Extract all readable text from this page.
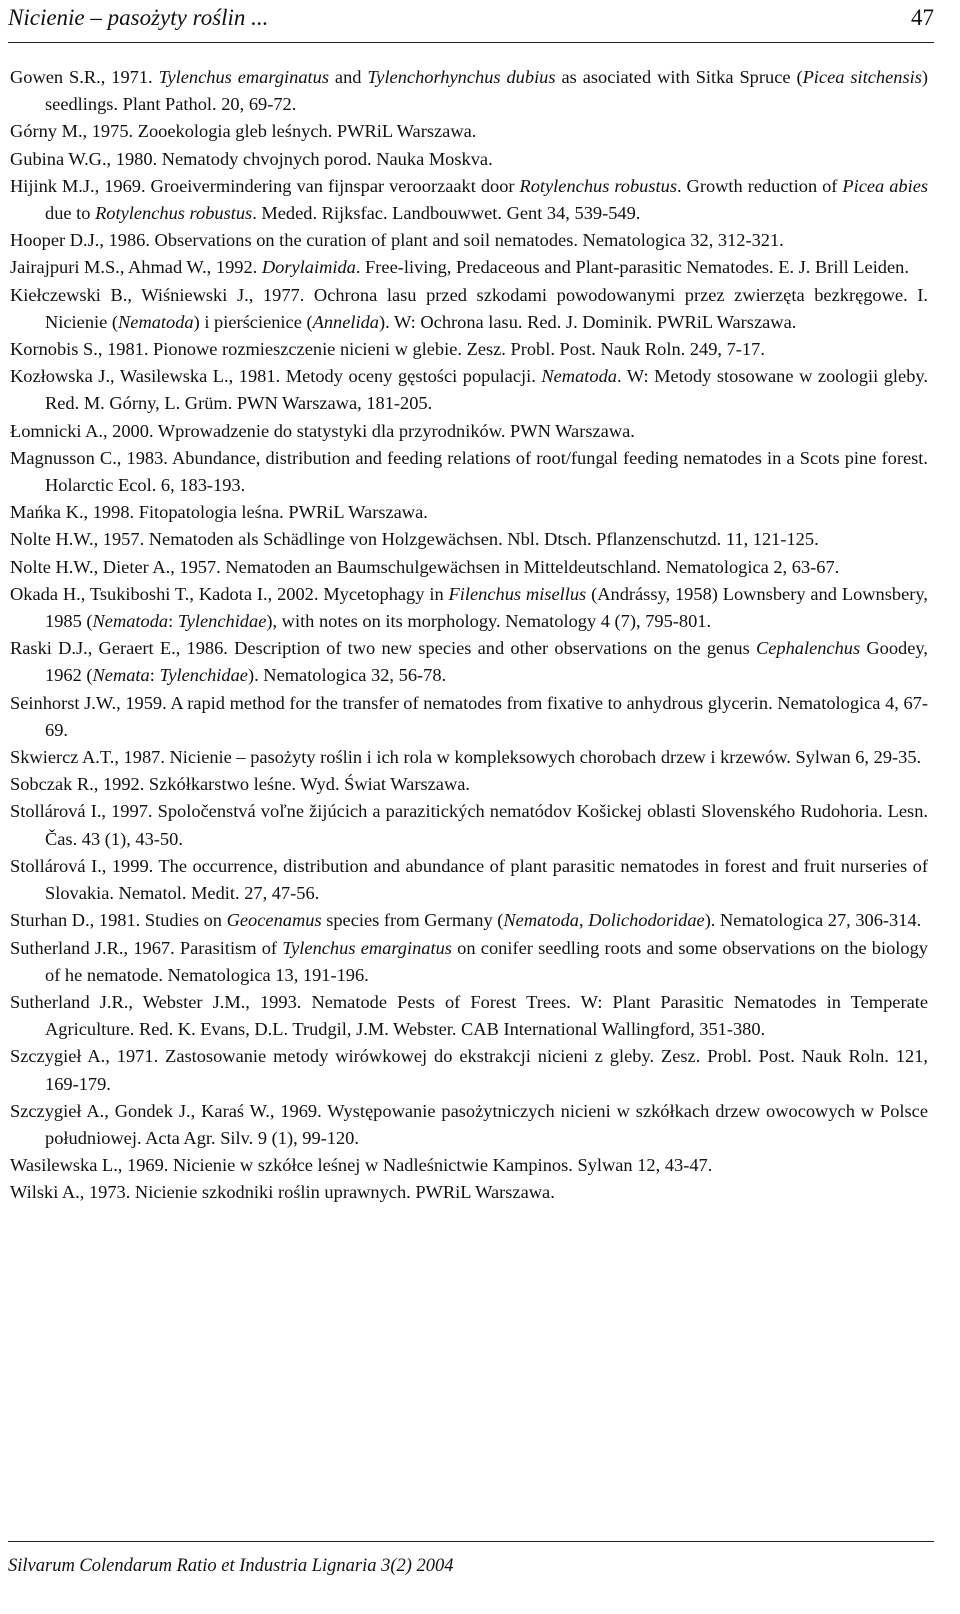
Nicienie – pasożyty roślin ...	47

Gowen S.R., 1971. Tylenchus emarginatus and Tylenchorhynchus dubius as asociated with Sitka Spruce (Picea sitchensis) seedlings. Plant Pathol. 20, 69-72.

Górny M., 1975. Zooekologia gleb leśnych. PWRiL Warszawa.

Gubina W.G., 1980. Nematody chvojnych porod. Nauka Moskva.

Hijink M.J., 1969. Groeivermindering van fijnspar veroorzaakt door Rotylenchus robustus. Growth reduction of Picea abies due to Rotylenchus robustus. Meded. Rijksfac. Landbouwwet. Gent 34, 539-549.

Hooper D.J., 1986. Observations on the curation of plant and soil nematodes. Nematologica 32, 312-321.

Jairajpuri M.S., Ahmad W., 1992. Dorylaimida. Free-living, Predaceous and Plant-parasitic Nematodes. E. J. Brill Leiden.

Kiełczewski B., Wiśniewski J., 1977. Ochrona lasu przed szkodami powodowanymi przez zwierzęta bezkręgowe. I. Nicienie (Nematoda) i pierścienice (Annelida). W: Ochrona lasu. Red. J. Dominik. PWRiL Warszawa.

Kornobis S., 1981. Pionowe rozmieszczenie nicieni w glebie. Zesz. Probl. Post. Nauk Roln. 249, 7-17.

Kozłowska J., Wasilewska L., 1981. Metody oceny gęstości populacji. Nematoda. W: Metody stosowane w zoologii gleby. Red. M. Górny, L. Grüm. PWN Warszawa, 181-205.

Łomnicki A., 2000. Wprowadzenie do statystyki dla przyrodników. PWN Warszawa.

Magnusson C., 1983. Abundance, distribution and feeding relations of root/fungal feeding nematodes in a Scots pine forest. Holarctic Ecol. 6, 183-193.

Mańka K., 1998. Fitopatologia leśna. PWRiL Warszawa.

Nolte H.W., 1957. Nematoden als Schädlinge von Holzgewächsen. Nbl. Dtsch. Pflanzenschutzd. 11, 121-125.

Nolte H.W., Dieter A., 1957. Nematoden an Baumschulgewächsen in Mitteldeutschland. Nematologica 2, 63-67.

Okada H., Tsukiboshi T., Kadota I., 2002. Mycetophagy in Filenchus misellus (Andrássy, 1958) Lownsbery and Lownsbery, 1985 (Nematoda: Tylenchidae), with notes on its morphology. Nematology 4 (7), 795-801.

Raski D.J., Geraert E., 1986. Description of two new species and other observations on the genus Cephalenchus Goodey, 1962 (Nemata: Tylenchidae). Nematologica 32, 56-78.

Seinhorst J.W., 1959. A rapid method for the transfer of nematodes from fixative to anhydrous glycerin. Nematologica 4, 67-69.

Skwiercz A.T., 1987. Nicienie – pasożyty roślin i ich rola w kompleksowych chorobach drzew i krzewów. Sylwan 6, 29-35.

Sobczak R., 1992. Szkółkarstwo leśne. Wyd. Świat Warszawa.

Stollárová I., 1997. Spoločenstvá voľne žijúcich a parazitických nematódov Košickej oblasti Slovenského Rudohoria. Lesn. Čas. 43 (1), 43-50.

Stollárová I., 1999. The occurrence, distribution and abundance of plant parasitic nematodes in forest and fruit nurseries of Slovakia. Nematol. Medit. 27, 47-56.

Sturhan D., 1981. Studies on Geocenamus species from Germany (Nematoda, Dolichodoridae). Nematologica 27, 306-314.

Sutherland J.R., 1967. Parasitism of Tylenchus emarginatus on conifer seedling roots and some observations on the biology of he nematode. Nematologica 13, 191-196.

Sutherland J.R., Webster J.M., 1993. Nematode Pests of Forest Trees. W: Plant Parasitic Nematodes in Temperate Agriculture. Red. K. Evans, D.L. Trudgil, J.M. Webster. CAB International Wallingford, 351-380.

Szczygieł A., 1971. Zastosowanie metody wirówkowej do ekstrakcji nicieni z gleby. Zesz. Probl. Post. Nauk Roln. 121, 169-179.

Szczygieł A., Gondek J., Karaś W., 1969. Występowanie pasożytniczych nicieni w szkółkach drzew owocowych w Polsce południowej. Acta Agr. Silv. 9 (1), 99-120.

Wasilewska L., 1969. Nicienie w szkółce leśnej w Nadleśnictwie Kampinos. Sylwan 12, 43-47.

Wilski A., 1973. Nicienie szkodniki roślin uprawnych. PWRiL Warszawa.

Silvarum Colendarum Ratio et Industria Lignaria 3(2) 2004
